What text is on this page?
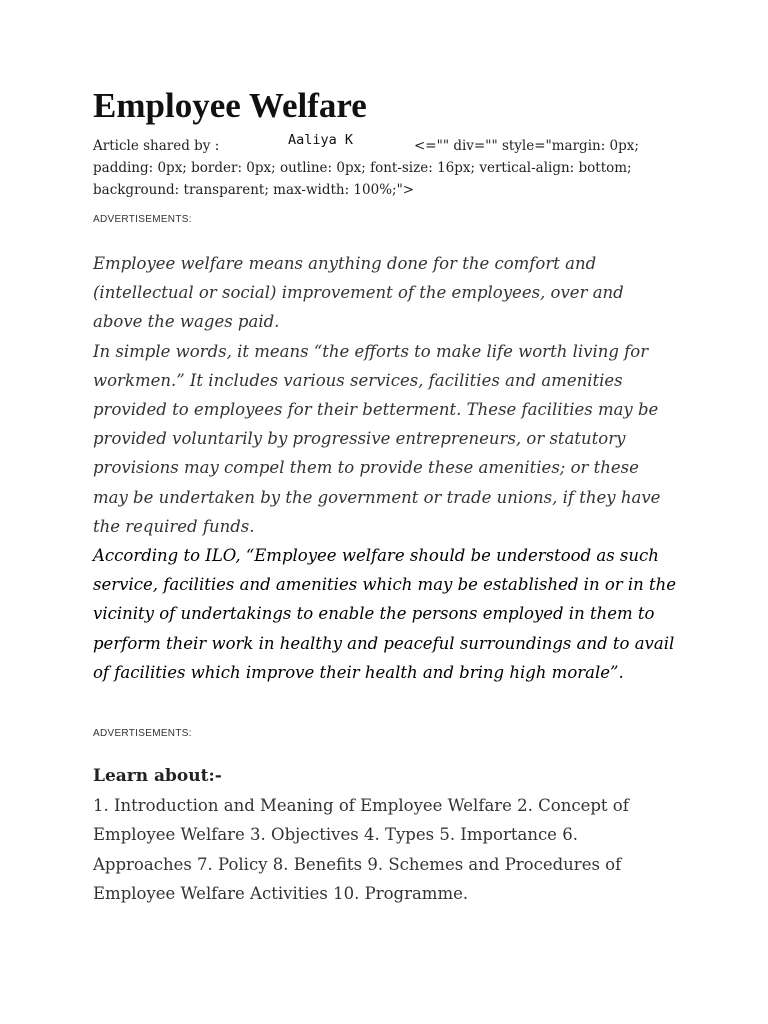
Employee Welfare
Article shared by :	Aaliya K	<="" div="" style="margin: 0px;
padding: 0px; border: 0px; outline: 0px; font-size: 16px; vertical-align: bottom; background: transparent; max-width: 100%;">
ADVERTISEMENTS:

Employee welfare means anything done for the comfort and (intellectual or social) improvement of the employees, over and above the wages paid.

In simple words, it means “the efforts to make life worth living for workmen.” It includes various services, facilities and amenities provided to employees for their betterment. These facilities may be provided voluntarily by progressive entrepreneurs, or statutory provisions may compel them to provide these amenities; or these may be undertaken by the government or trade unions, if they have the required funds.

According to ILO, “Employee welfare should be understood as such service, facilities and amenities which may be established in or in the vicinity of undertakings to enable the persons employed in them to perform their work in healthy and peaceful surroundings and to avail of facilities which improve their health and bring high morale”.

ADVERTISEMENTS:

Learn about:-

1. Introduction and Meaning of Employee Welfare 2. Concept of Employee Welfare 3. Objectives 4. Types 5. Importance 6. Approaches 7. Policy 8. Benefits 9. Schemes and Procedures of Employee Welfare Activities 10. Programme.
